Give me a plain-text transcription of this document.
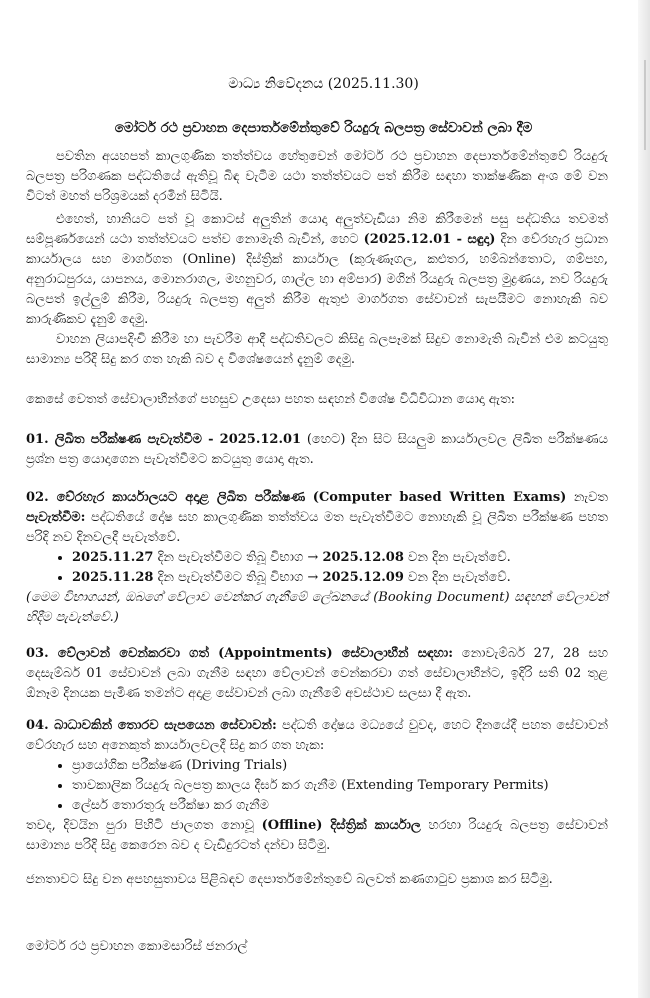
මාධ්‍ය නිවේදනය (2025.11.30)
මෝටර් රථ ප්‍රවාහන දෙපාර්තමේන්තුවේ රියදුරු බලපත්‍ර සේවාවන් ලබා දීම
පවතින අයහපත් කාලගුණික තත්ත්වය හේතුවෙන් මෝටර් රථ ප්‍රවාහන දෙපාර්තමේන්තුවේ රියදුරු බලපත්‍ර පරිගණක පද්ධතියේ ඇතිවූ බිඳ වැටීම යථා තත්ත්වයට පත් කිරීම සඳහා තාක්ෂණික අංශ මේ වන විටත් මහත් පරිශ්‍රමයක් දරමින් සිටියි.
එහෙත්, හානියට පත් වූ කොටස් අලුතින් යොදා අලුත්වැඩියා නිම කිරීමෙන් පසු පද්ධතිය තවමත් සම්පූර්ණයෙන් යථා තත්ත්වයට පත්ව නොමැති බැවින්, හෙට (2025.12.01 - සඳුදා) දින වේරහැර ප්‍රධාන කාර්යාලය සහ මාර්ගගත (Online) දිස්ත්‍රික් කාර්යාල (කුරුණෑගල, කළුතර, හම්බන්තොට, ගම්පහ, අනුරාධපුරය, යාපනය, මොනරාගල, මහනුවර, ගාල්ල හා අම්පාර) මගින් රියදුරු බලපත්‍ර මුද්‍රණය, නව රියදුරු බලපත් ඉල්ලුම් කිරීම, රියදුරු බලපත්‍ර අලුත් කිරීම ඇතුළු මාර්ගගත සේවාවන් සැපයීමට නොහැකි බව කාරුණිකව දැනුම් දෙමු.
වාහන ලියාපදිංචි කිරීම හා පැවරීම ආදී පද්ධතිවලට කිසිදු බලපෑමක් සිදුව නොමැති බැවින් එම කටයුතු සාමාන්‍ය පරිදි සිදු කර ගත හැකි බව ද විශේෂයෙන් දැනුම් දෙමු.
කෙසේ වෙතත් සේවාලාභීන්ගේ පහසුව උදෙසා පහත සඳහන් විශේෂ විධිවිධාන යොදා ඇත:
01. ලිඛිත පරීක්ෂණ පැවැත්වීම - 2025.12.01 (හෙට) දින සිට සියලුම කාර්යාලවල ලිඛිත පරීක්ෂණය ප්‍රශ්න පත්‍ර යොදාගෙන පැවැත්වීමට කටයුතු යොදා ඇත.
02. වේරහැර කාර්යාලයට අදාළ ලිඛිත පරීක්ෂණ (Computer based Written Exams) නැවත පැවැත්වීම: පද්ධතියේ දෝෂ සහ කාලගුණික තත්ත්වය මත පැවැත්වීමට නොහැකි වූ ලිඛිත පරීක්ෂණ පහත පරිදි නව දිනවලදී පැවැත්වේ.
• 2025.11.27 දින පැවැත්වීමට තිබූ විභාග → 2025.12.08 වන දින පැවැත්වේ.
• 2025.11.28 දින පැවැත්වීමට තිබූ විභාග → 2025.12.09 වන දින පැවැත්වේ.
(මෙම විභාගයන්, ඔබගේ වේලාව වෙන්කර ගැනීමේ ලේඛනයේ (Booking Document) සඳහන් වේලාවන් හිදීම පැවැත්වේ.)
03. වේලාවන් වෙන්කරවා ගත් (Appointments) සේවාලාභීන් සඳහා: නොවැම්බර් 27, 28 සහ දෙසැම්බර් 01 සේවාවන් ලබා ගැනීම සඳහා වේලාවන් වෙන්කරවා ගත් සේවාලාභීන්ට, ඉදිරි සති 02 තුළ ඕනෑම දිනයක පැමිණ තමන්ට අදාළ සේවාවන් ලබා ගැනීමේ අවස්ථාව සලසා දී ඇත.
04. බාධාවකින් තොරව සැපයෙන සේවාවන්: පද්ධති දෝෂය මධ්‍යයේ වුවද, හෙට දිනයේදී පහත සේවාවන් වේරහැර සහ අනෙකුත් කාර්යාලවලදී සිදු කර ගත හැක:
• ප්‍රායෝගික පරීක්ෂණ (Driving Trials)
• තාවකාලික රියදුරු බලපත්‍ර කාලය දීර්ඝ කර ගැනීම (Extending Temporary Permits)
• ලේසර් තොරතුරු පරීක්ෂා කර ගැනීම
තවද, දිවයින පුරා පිහිටි ජාලගත නොවූ (Offline) දිස්ත්‍රික් කාර්යාල හරහා රියදුරු බලපත්‍ර සේවාවන් සාමාන්‍ය පරිදි සිදු කෙරෙන බව ද වැඩිදුරටත් දන්වා සිටිමු.
ජනතාවට සිදු වන අපහසුතාවය පිළිබඳව දෙපාර්තමේන්තුවේ බලවත් කණගාටුව ප්‍රකාශ කර සිටිමු.
මෝටර් රථ ප්‍රවාහන කොමසාරිස් ජනරාල්
